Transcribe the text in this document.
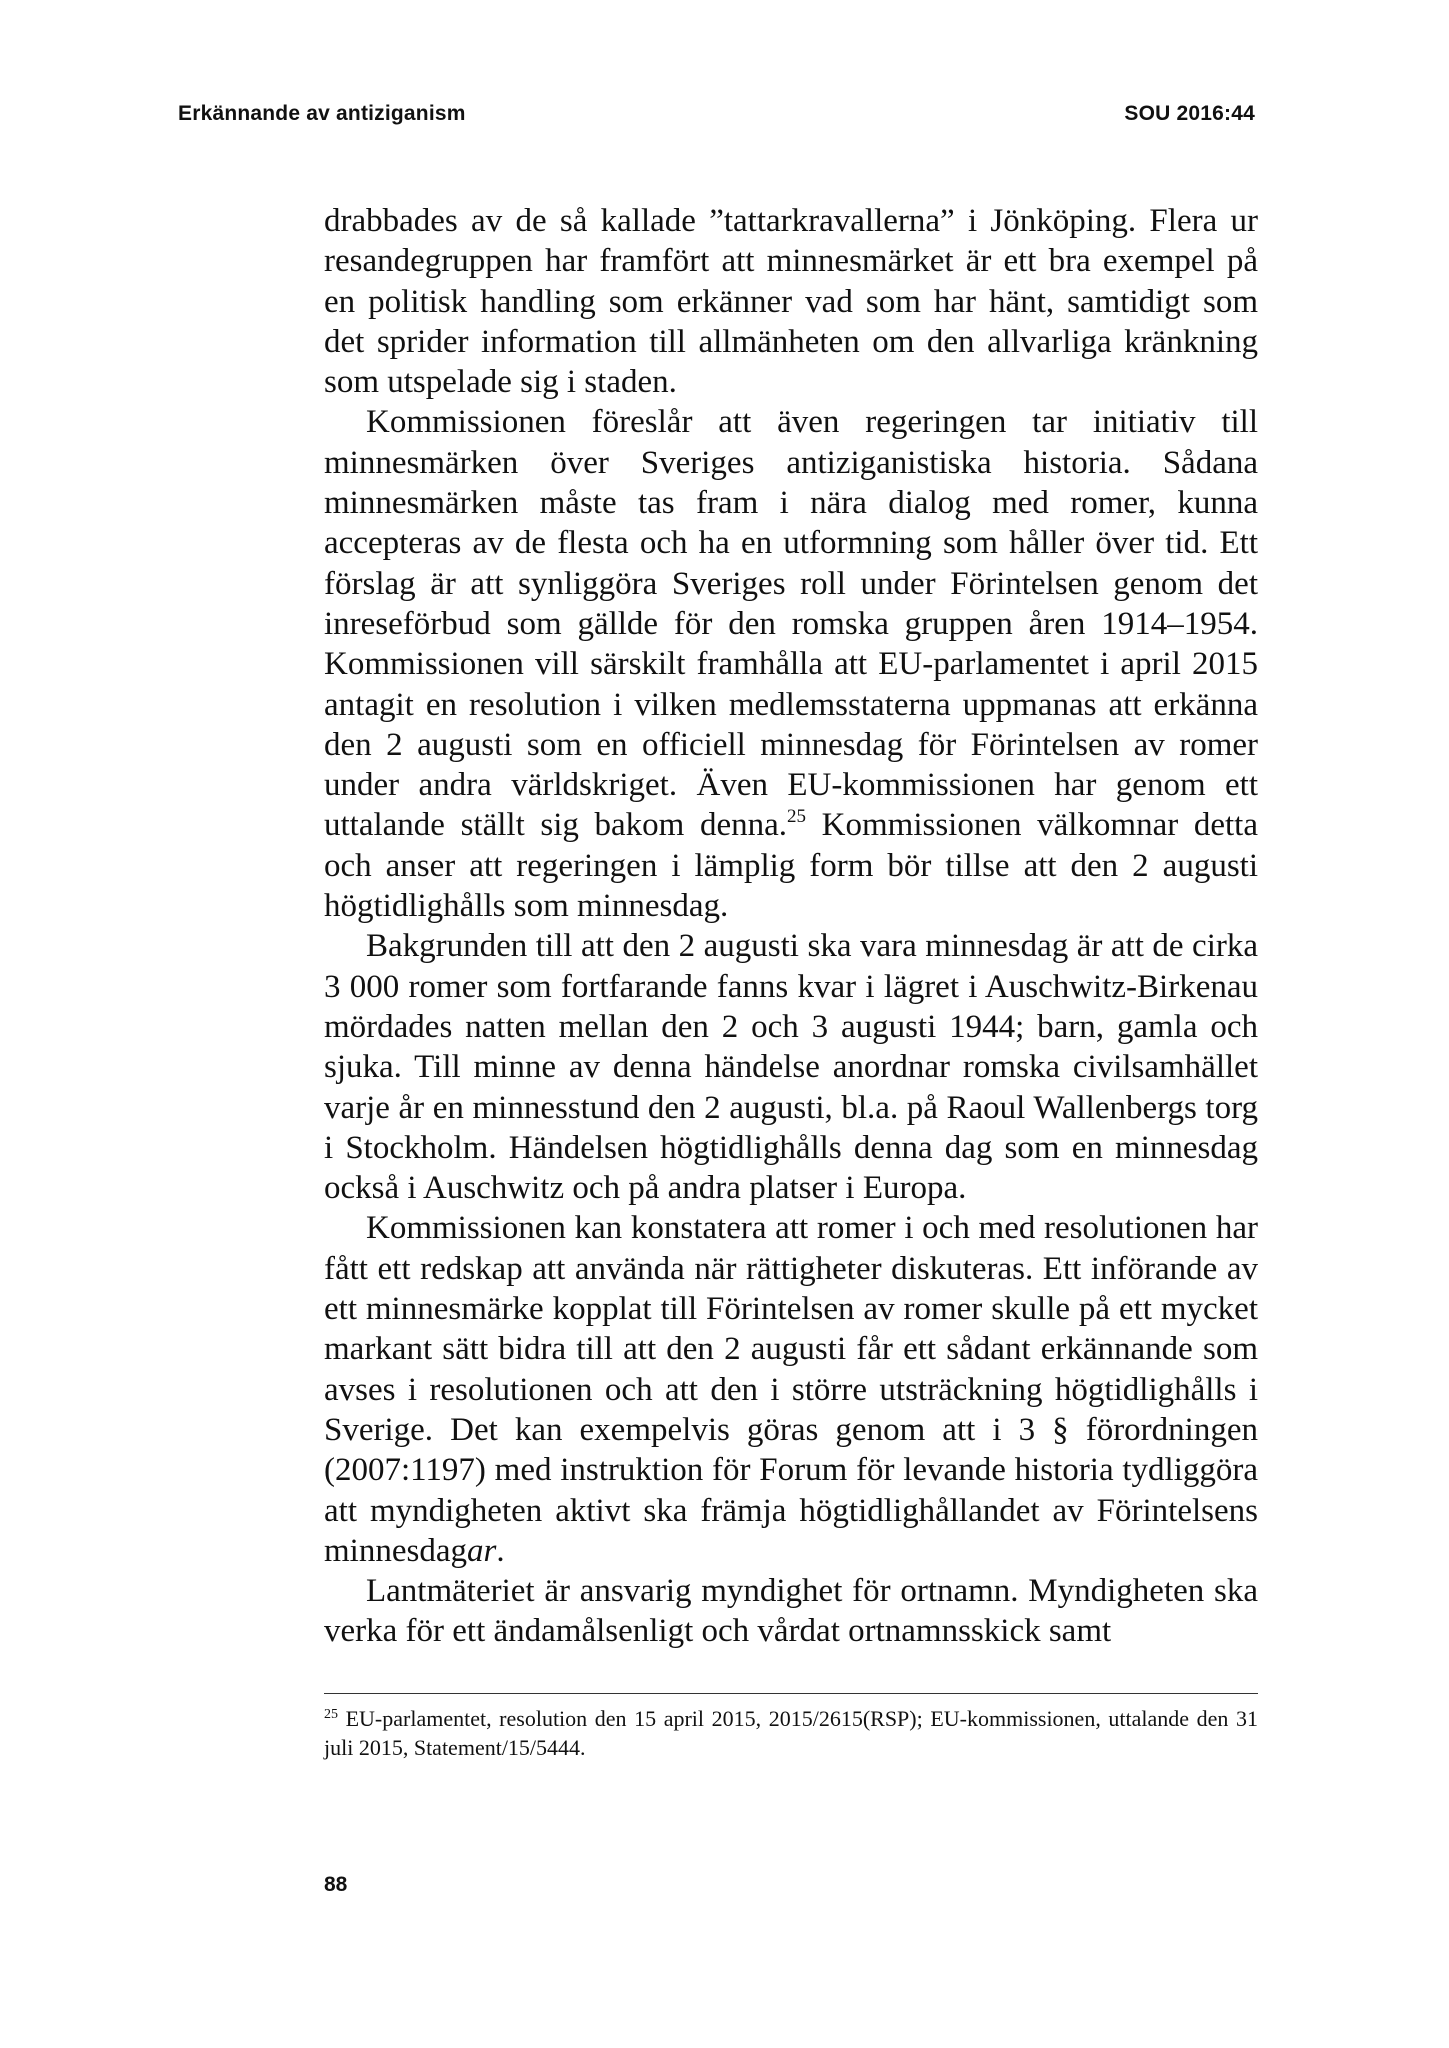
Erkännande av antiziganism	SOU 2016:44

drabbades av de så kallade ”tattarkravallerna” i Jönköping. Flera ur resandegruppen har framfört att minnesmärket är ett bra exempel på en politisk handling som erkänner vad som har hänt, samtidigt som det sprider information till allmänheten om den allvarliga kränkning som utspelade sig i staden.

Kommissionen föreslår att även regeringen tar initiativ till minnesmärken över Sveriges antiziganistiska historia. Sådana minnesmärken måste tas fram i nära dialog med romer, kunna accepteras av de flesta och ha en utformning som håller över tid. Ett förslag är att synliggöra Sveriges roll under Förintelsen genom det inreseförbud som gällde för den romska gruppen åren 1914–1954. Kommissionen vill särskilt framhålla att EU-parlamentet i april 2015 antagit en resolution i vilken medlemsstaterna uppmanas att erkänna den 2 augusti som en officiell minnesdag för Förintelsen av romer under andra världskriget. Även EU-kommissionen har genom ett uttalande ställt sig bakom denna.$^{25}$ Kommissionen välkomnar detta och anser att regeringen i lämplig form bör tillse att den 2 augusti högtidlighålls som minnesdag.

Bakgrunden till att den 2 augusti ska vara minnesdag är att de cirka 3 000 romer som fortfarande fanns kvar i lägret i Auschwitz-Birkenau mördades natten mellan den 2 och 3 augusti 1944; barn, gamla och sjuka. Till minne av denna händelse anordnar romska civilsamhället varje år en minnesstund den 2 augusti, bl.a. på Raoul Wallenbergs torg i Stockholm. Händelsen högtidlighålls denna dag som en minnesdag också i Auschwitz och på andra platser i Europa.

Kommissionen kan konstatera att romer i och med resolutionen har fått ett redskap att använda när rättigheter diskuteras. Ett införande av ett minnesmärke kopplat till Förintelsen av romer skulle på ett mycket markant sätt bidra till att den 2 augusti får ett sådant erkännande som avses i resolutionen och att den i större utsträckning högtidlighålls i Sverige. Det kan exempelvis göras genom att i 3 § förordningen (2007:1197) med instruktion för Forum för levande historia tydliggöra att myndigheten aktivt ska främja högtidlighållandet av Förintelsens minnesdagar.

Lantmäteriet är ansvarig myndighet för ortnamn. Myndigheten ska verka för ett ändamålsenligt och vårdat ortnamnsskick samt

$^{25}$ EU-parlamentet, resolution den 15 april 2015, 2015/2615(RSP); EU-kommissionen, uttalande den 31 juli 2015, Statement/15/5444.
88
